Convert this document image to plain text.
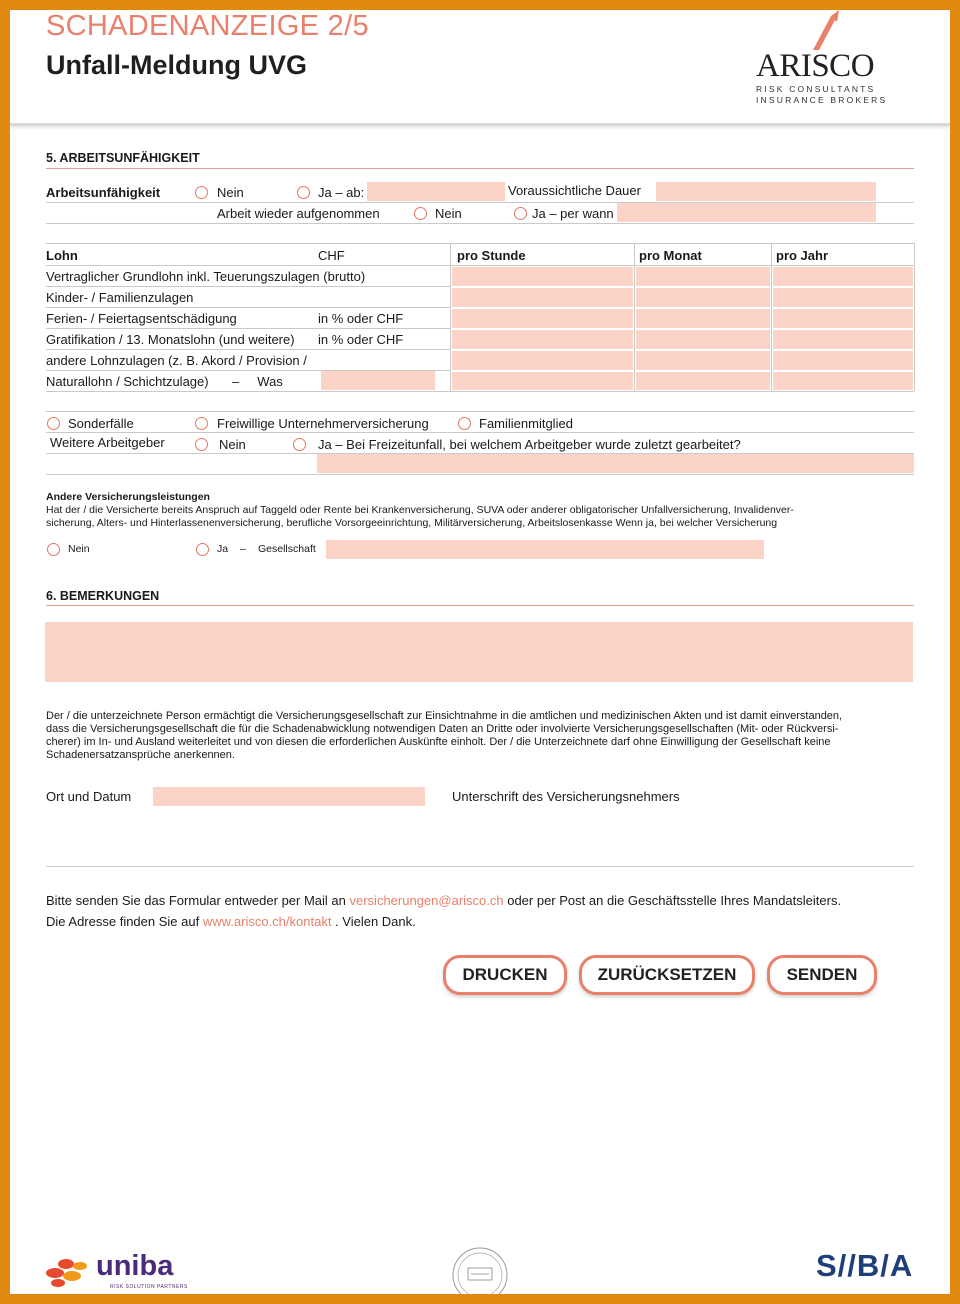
SCHADENANZEIGE 2/5
Unfall-Meldung UVG	ARISCO
RISK CONSULTANTS
INSURANCE BROKERS
5. ARBEITSUNFÄHIGKEIT
Arbeitsunfähigkeit	Nein	Ja – ab:	Voraussichtliche Dauer
Arbeit wieder aufgenommen	Nein	Ja – per wann
Lohn	CHF	pro Stunde	pro Monat	pro Jahr
Vertraglicher Grundlohn inkl. Teuerungszulagen (brutto)
Kinder- / Familienzulagen
Ferien- / Feiertagsentschädigung	in % oder CHF
Gratifikation / 13. Monatslohn (und weitere) in % oder CHF
andere Lohnzulagen (z. B. Akord / Provision /
Naturallohn / Schichtzulage) –     Was
Sonderfälle	Freiwillige Unternehmerversicherung	Familienmitglied
Weitere Arbeitgeber	Nein	Ja – Bei Freizeitunfall, bei welchem Arbeitgeber wurde zuletzt gearbeitet?
Andere Versicherungsleistungen
Hat der / die Versicherte bereits Anspruch auf Taggeld oder Rente bei Krankenversicherung, SUVA oder anderer obligatorischer Unfallversicherung, Invalidenver-
sicherung, Alters- und Hinterlassenenversicherung, berufliche Vorsorgeeinrichtung, Militärversicherung, Arbeitslosenkasse Wenn ja, bei welcher Versicherung
Nein	Ja – Gesellschaft
6. BEMERKUNGEN
Der / die unterzeichnete Person ermächtigt die Versicherungsgesellschaft zur Einsichtnahme in die amtlichen und medizinischen Akten und ist damit einverstanden,
dass die Versicherungsgesellschaft die für die Schadenabwicklung notwendigen Daten an Dritte oder involvierte Versicherungsgesellschaften (Mit- oder Rückversi-
cherer) im In- und Ausland weiterleitet und von diesen die erforderlichen Auskünfte einholt. Der / die Unterzeichnete darf ohne Einwilligung der Gesellschaft keine
Schadenersatzansprüche anerkennen.
Ort und Datum	Unterschrift des Versicherungsnehmers
Bitte senden Sie das Formular entweder per Mail an versicherungen@arisco.ch oder per Post an die Geschäftsstelle Ihres Mandatsleiters.
Die Adresse finden Sie auf www.arisco.ch/kontakt . Vielen Dank.
DRUCKEN	ZURÜCKSETZEN	SENDEN
uniba
RISK SOLUTION PARTNERS
S//B/A
